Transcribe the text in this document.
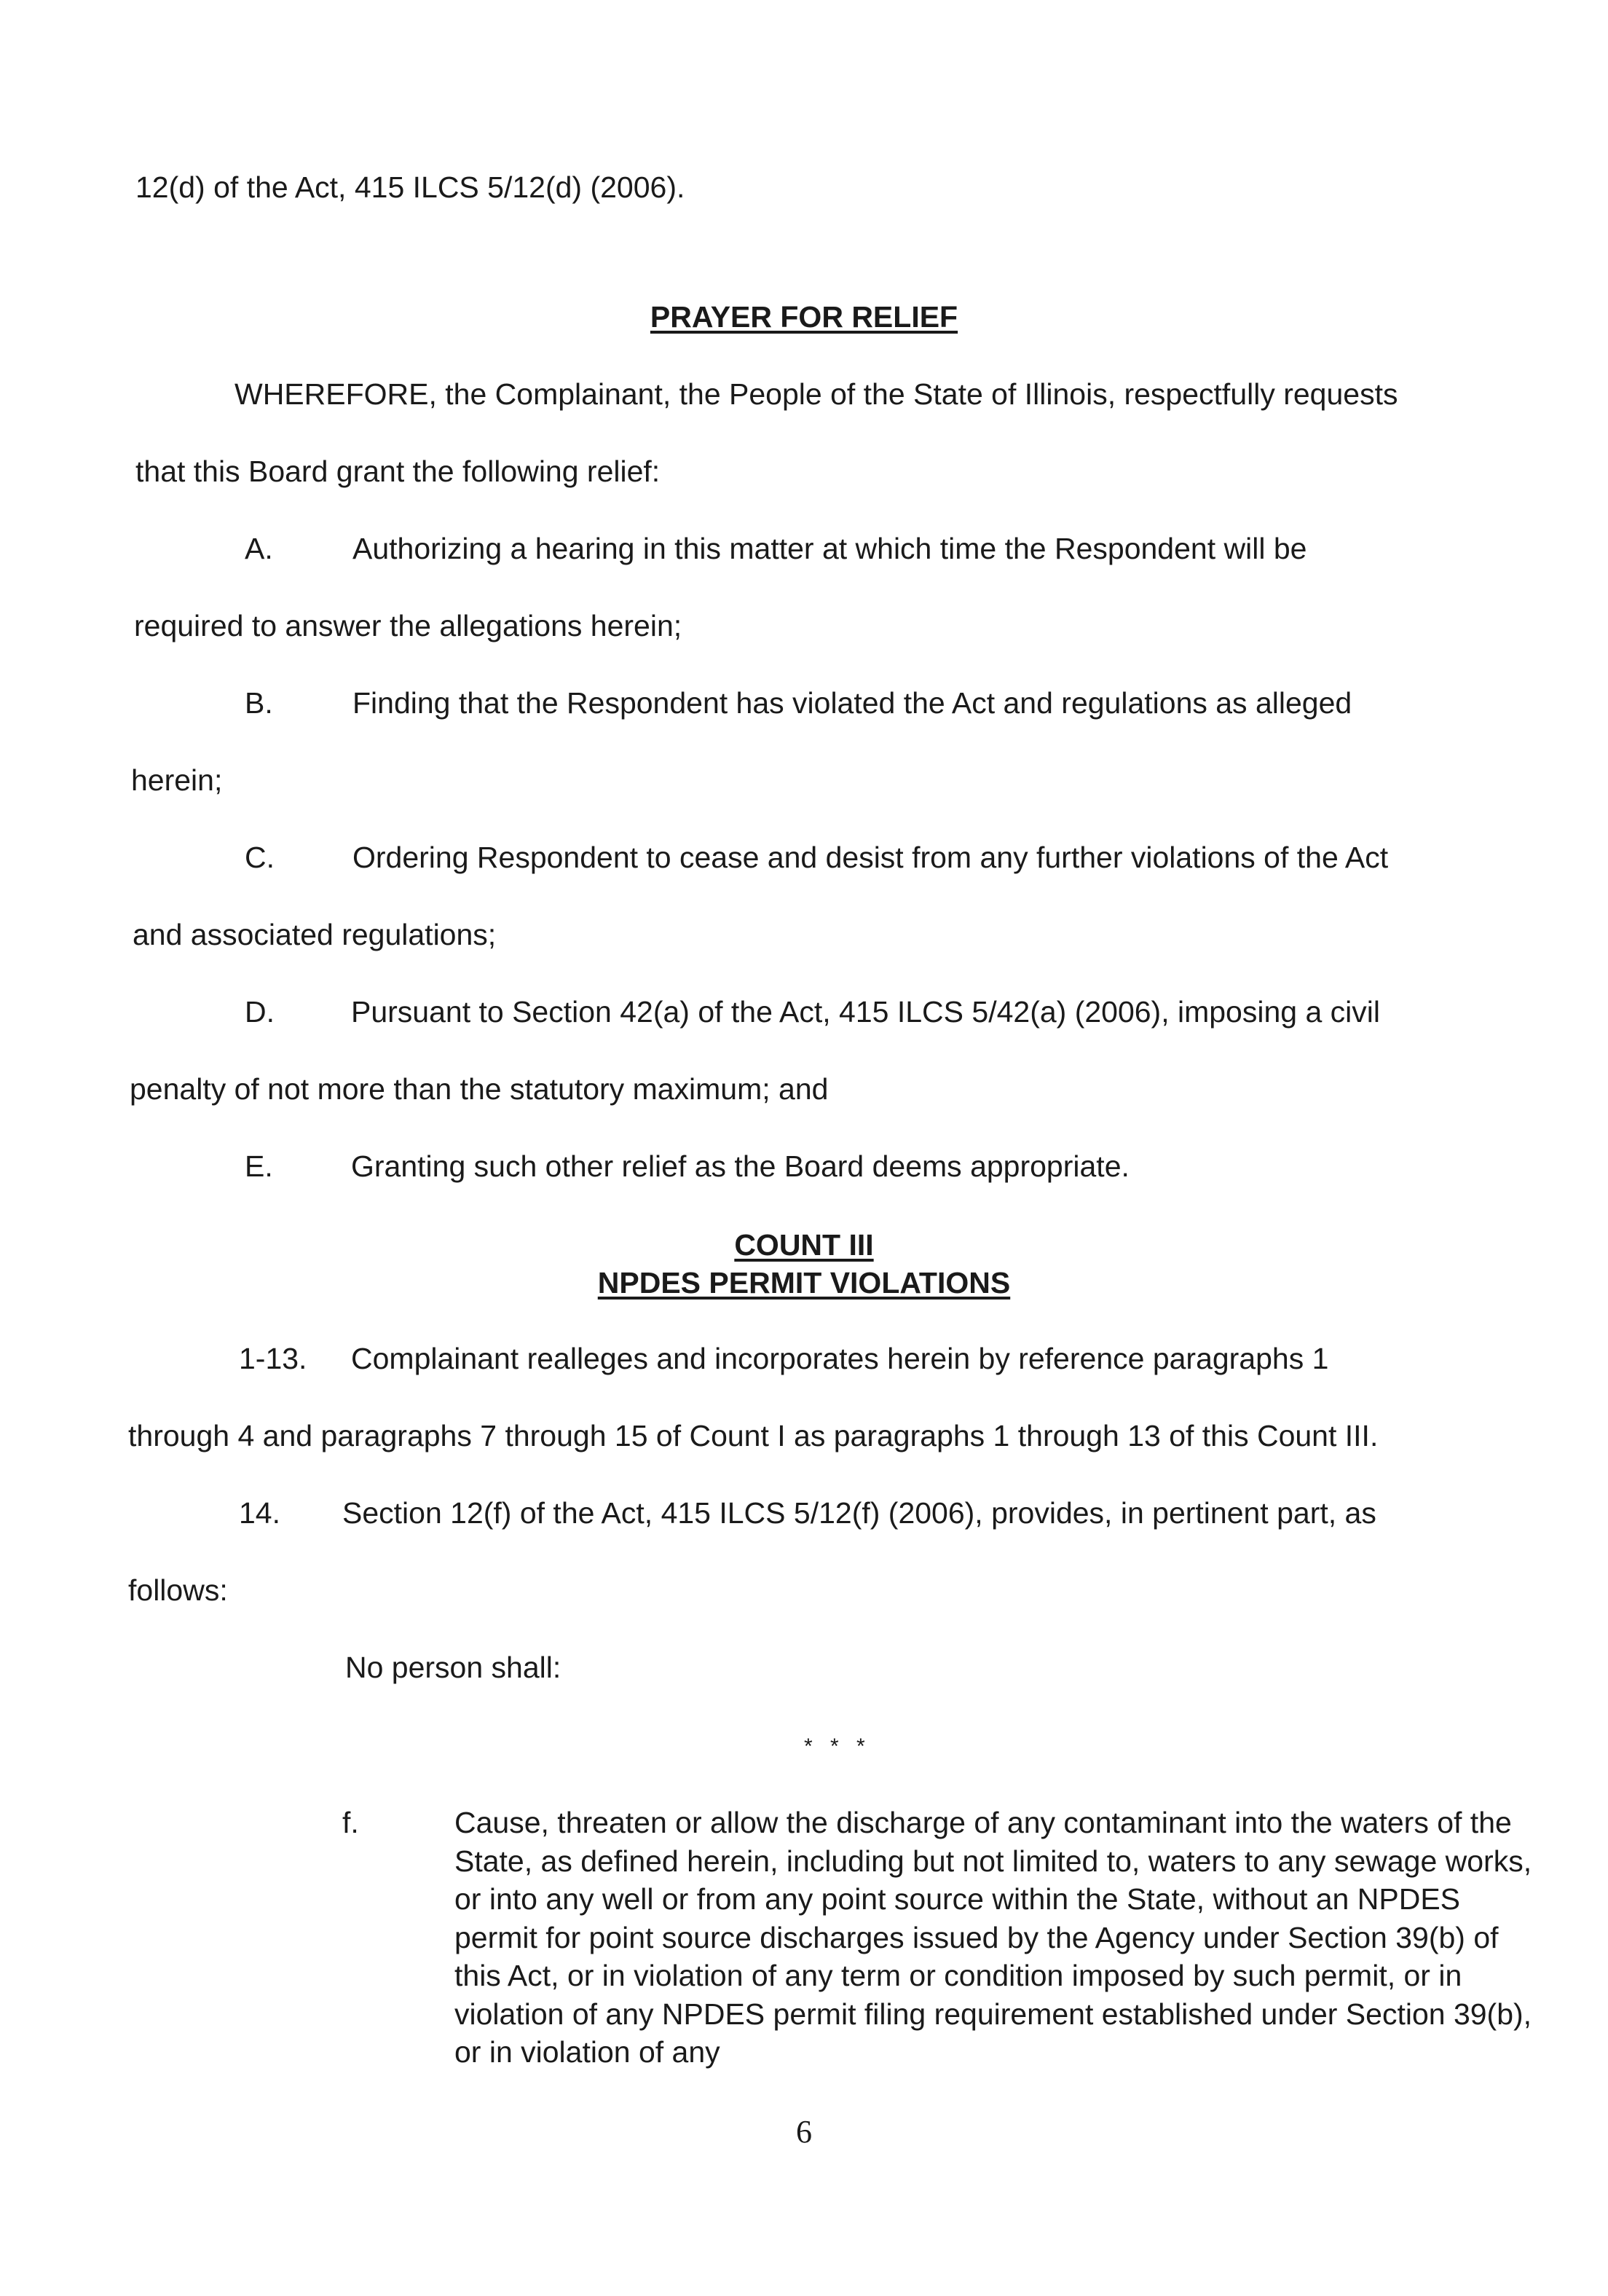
12(d) of the Act, 415 ILCS 5/12(d) (2006).

PRAYER FOR RELIEF

WHEREFORE, the Complainant, the People of the State of Illinois, respectfully requests

that this Board grant the following relief:

A.	Authorizing a hearing in this matter at which time the Respondent will be

required to answer the allegations herein;

B.	Finding that the Respondent has violated the Act and regulations as alleged

herein;

C.	Ordering Respondent to cease and desist from any further violations of the Act

and associated regulations;

D.	Pursuant to Section 42(a) of the Act, 415 ILCS 5/42(a) (2006), imposing a civil

penalty of not more than the statutory maximum; and

E.	Granting such other relief as the Board deems appropriate.

COUNT III
NPDES PERMIT VIOLATIONS
1-13. Complainant realleges and incorporates herein by reference paragraphs 1

through 4 and paragraphs 7 through 15 of Count I as paragraphs 1 through 13 of this Count III.

14. Section 12(f) of the Act, 415 ILCS 5/12(f) (2006), provides, in pertinent part, as

follows:

No person shall:

* * *
f.	Cause, threaten or allow the discharge of any contaminant into the waters of the State, as defined herein, including but not limited to, waters to any sewage works, or into any well or from any point source within the State, without an NPDES permit for point source discharges issued by the Agency under Section 39(b) of this Act, or in violation of any term or condition imposed by such permit, or in violation of any NPDES permit filing requirement established under Section 39(b), or in violation of any

6
